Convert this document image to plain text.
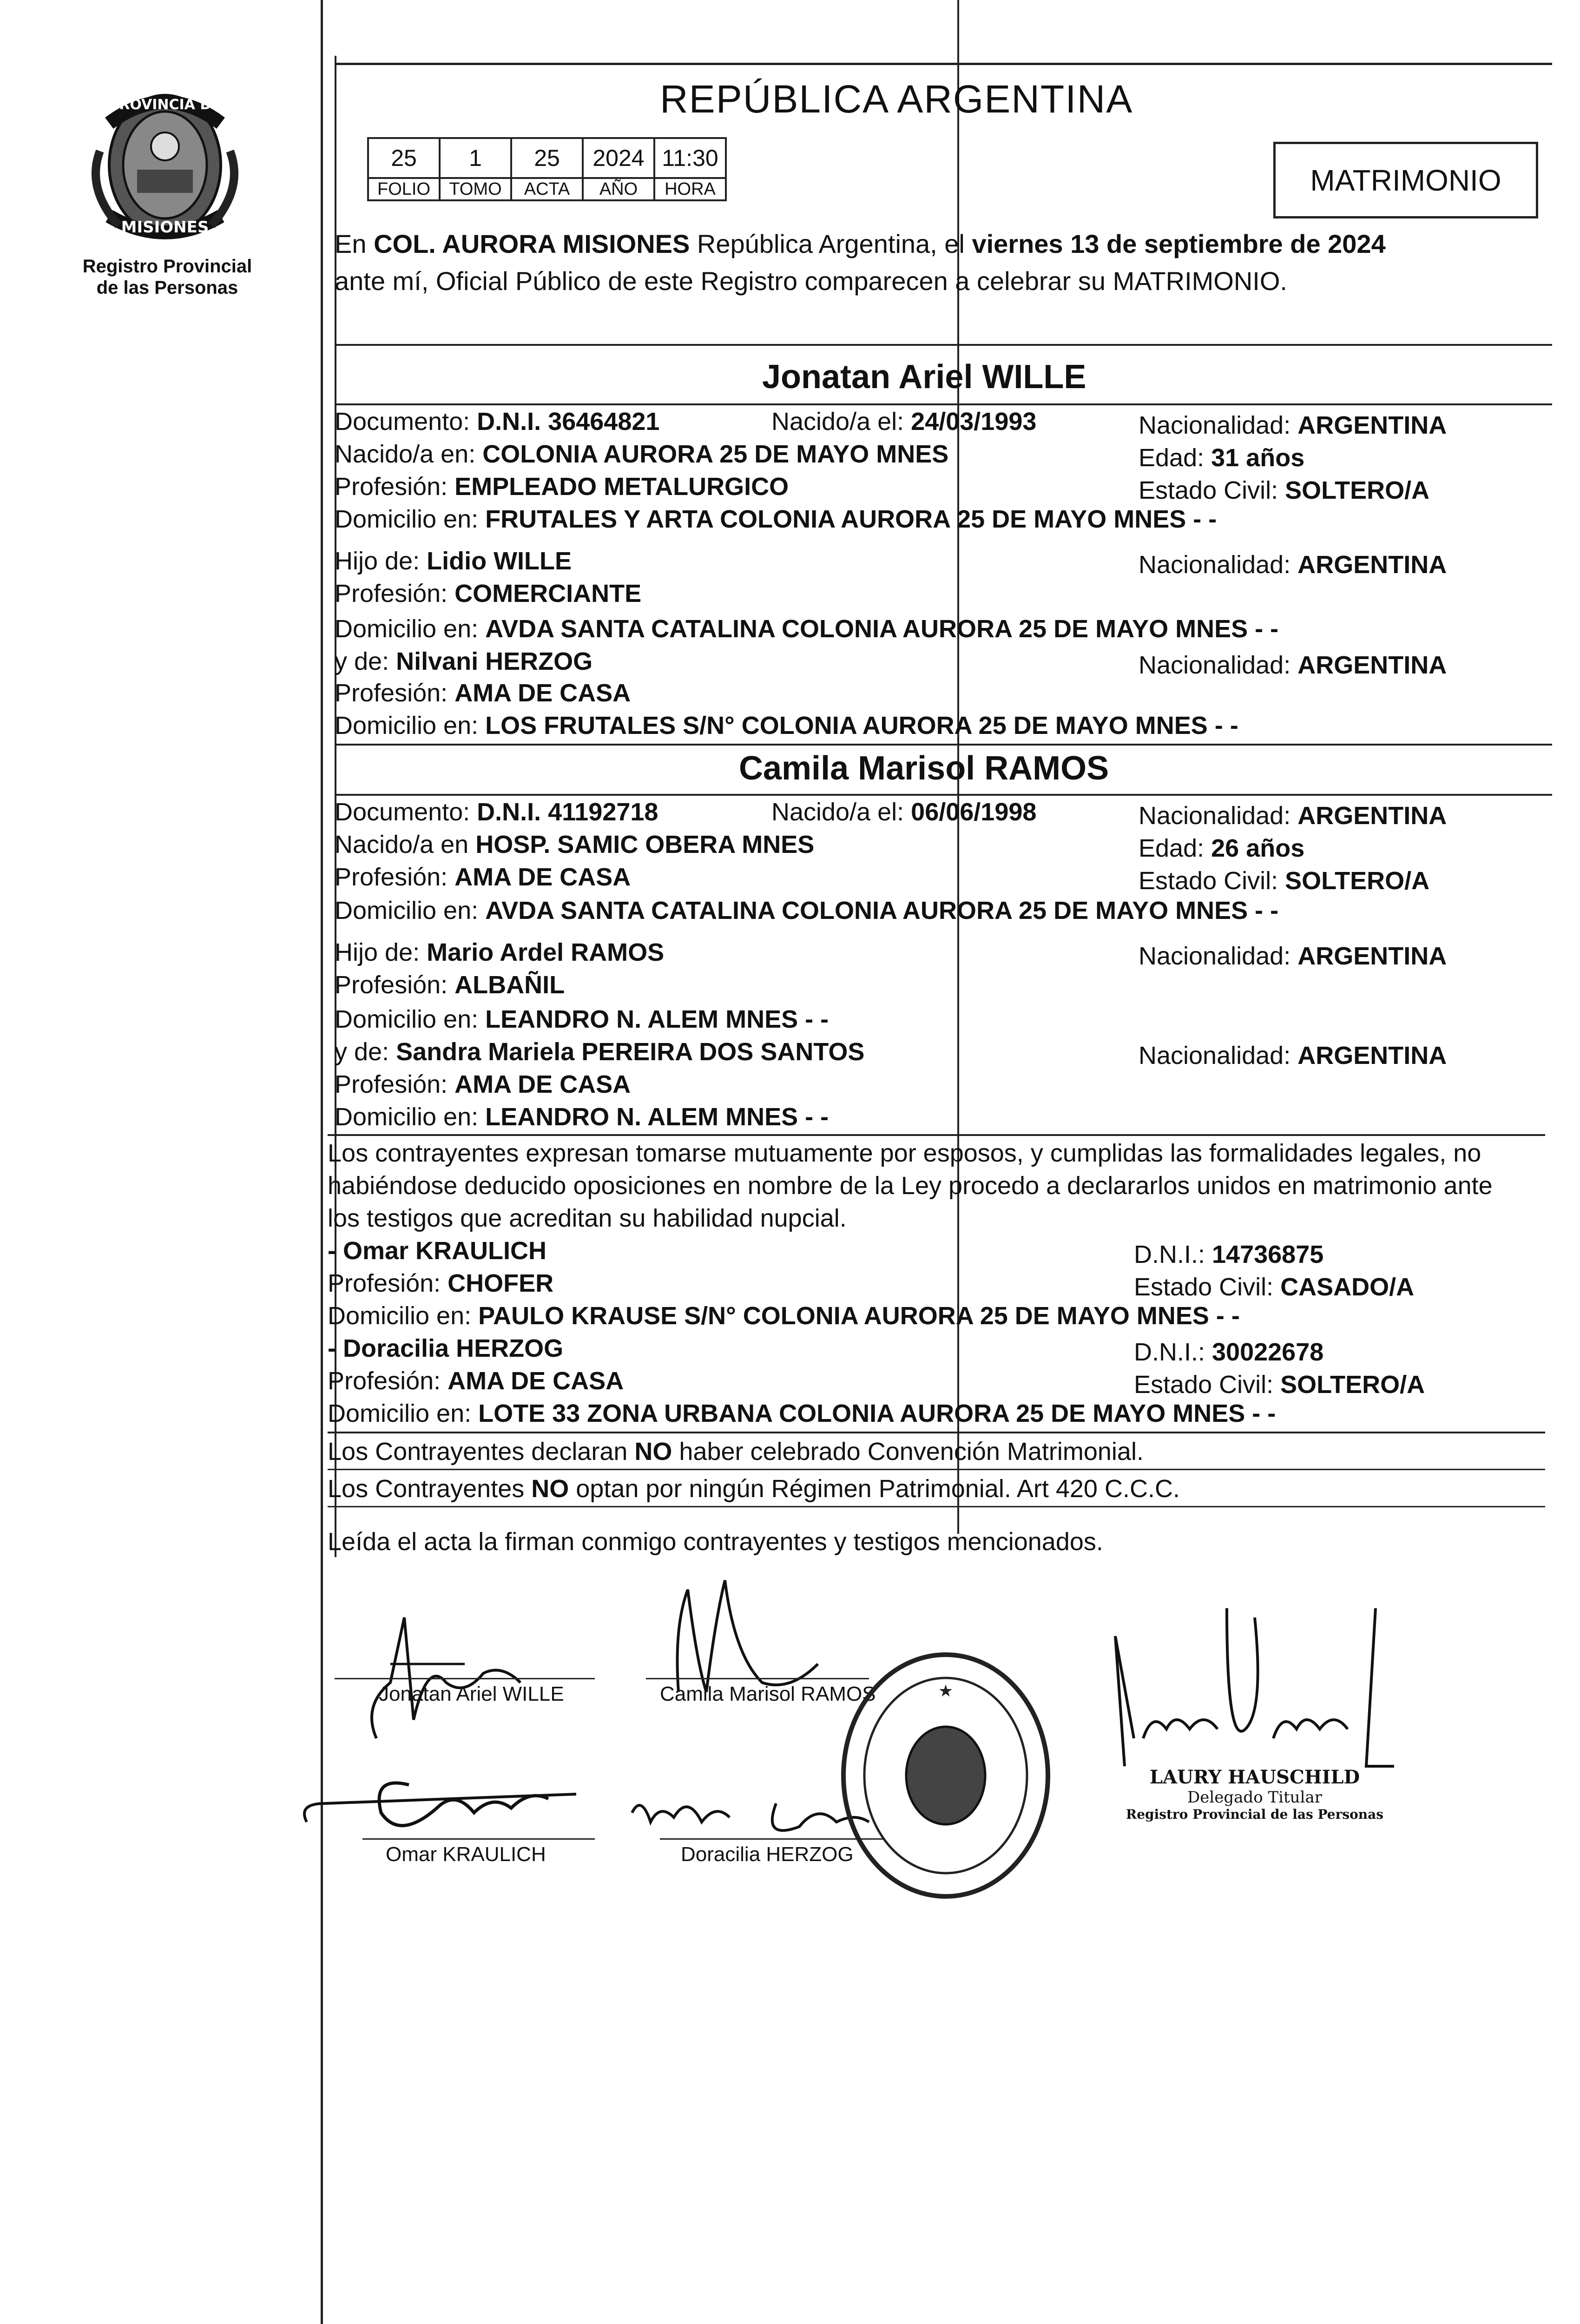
PROVINCIA DE
MISIONES
Registro Provincial
de las Personas
REPÚBLICA ARGENTINA
25	1	25	2024	11:30
FOLIO	TOMO	ACTA	AÑO	HORA	MATRIMONIO
En COL. AURORA MISIONES República Argentina, el viernes 13 de septiembre de 2024
ante mí, Oficial Público de este Registro comparecen a celebrar su MATRIMONIO.
Jonatan Ariel WILLE
Documento: D.N.I. 36464821	Nacido/a el: 24/03/1993	Nacionalidad: ARGENTINA
Nacido/a en: COLONIA AURORA 25 DE MAYO MNES	Edad: 31 años
Profesión: EMPLEADO METALURGICO	Estado Civil: SOLTERO/A
Domicilio en: FRUTALES Y ARTA COLONIA AURORA 25 DE MAYO MNES - -
Hijo de: Lidio WILLE	Nacionalidad: ARGENTINA
Profesión: COMERCIANTE
Domicilio en: AVDA SANTA CATALINA COLONIA AURORA 25 DE MAYO MNES - -
y de: Nilvani HERZOG	Nacionalidad: ARGENTINA
Profesión: AMA DE CASA
Domicilio en: LOS FRUTALES S/N° COLONIA AURORA 25 DE MAYO MNES - -
Camila Marisol RAMOS
Documento: D.N.I. 41192718	Nacido/a el: 06/06/1998	Nacionalidad: ARGENTINA
Nacido/a en HOSP. SAMIC OBERA MNES	Edad: 26 años
Profesión: AMA DE CASA	Estado Civil: SOLTERO/A
Domicilio en: AVDA SANTA CATALINA COLONIA AURORA 25 DE MAYO MNES - -
Hijo de: Mario Ardel RAMOS	Nacionalidad: ARGENTINA
Profesión: ALBAÑIL
Domicilio en: LEANDRO N. ALEM MNES - -
y de: Sandra Mariela PEREIRA DOS SANTOS	Nacionalidad: ARGENTINA
Profesión: AMA DE CASA
Domicilio en: LEANDRO N. ALEM MNES - -
Los contrayentes expresan tomarse mutuamente por esposos, y cumplidas las formalidades legales, no
habiéndose deducido oposiciones en nombre de la Ley procedo a declararlos unidos en matrimonio ante
los testigos que acreditan su habilidad nupcial.
- Omar KRAULICH	D.N.I.: 14736875
Profesión: CHOFER	Estado Civil: CASADO/A
Domicilio en: PAULO KRAUSE S/N° COLONIA AURORA 25 DE MAYO MNES - -
- Doracilia HERZOG	D.N.I.: 30022678
Profesión: AMA DE CASA	Estado Civil: SOLTERO/A
Domicilio en: LOTE 33 ZONA URBANA COLONIA AURORA 25 DE MAYO MNES - -
Los Contrayentes declaran NO haber celebrado Convención Matrimonial.
Los Contrayentes NO optan por ningún Régimen Patrimonial. Art 420 C.C.C.
Leída el acta la firman conmigo contrayentes y testigos mencionados.
Jonatan Ariel WILLE	Camila Marisol RAMOS
Omar KRAULICH	Doracilia HERZOG
★
LAURY HAUSCHILD
Delegado Titular
Registro Provincial de las Personas
